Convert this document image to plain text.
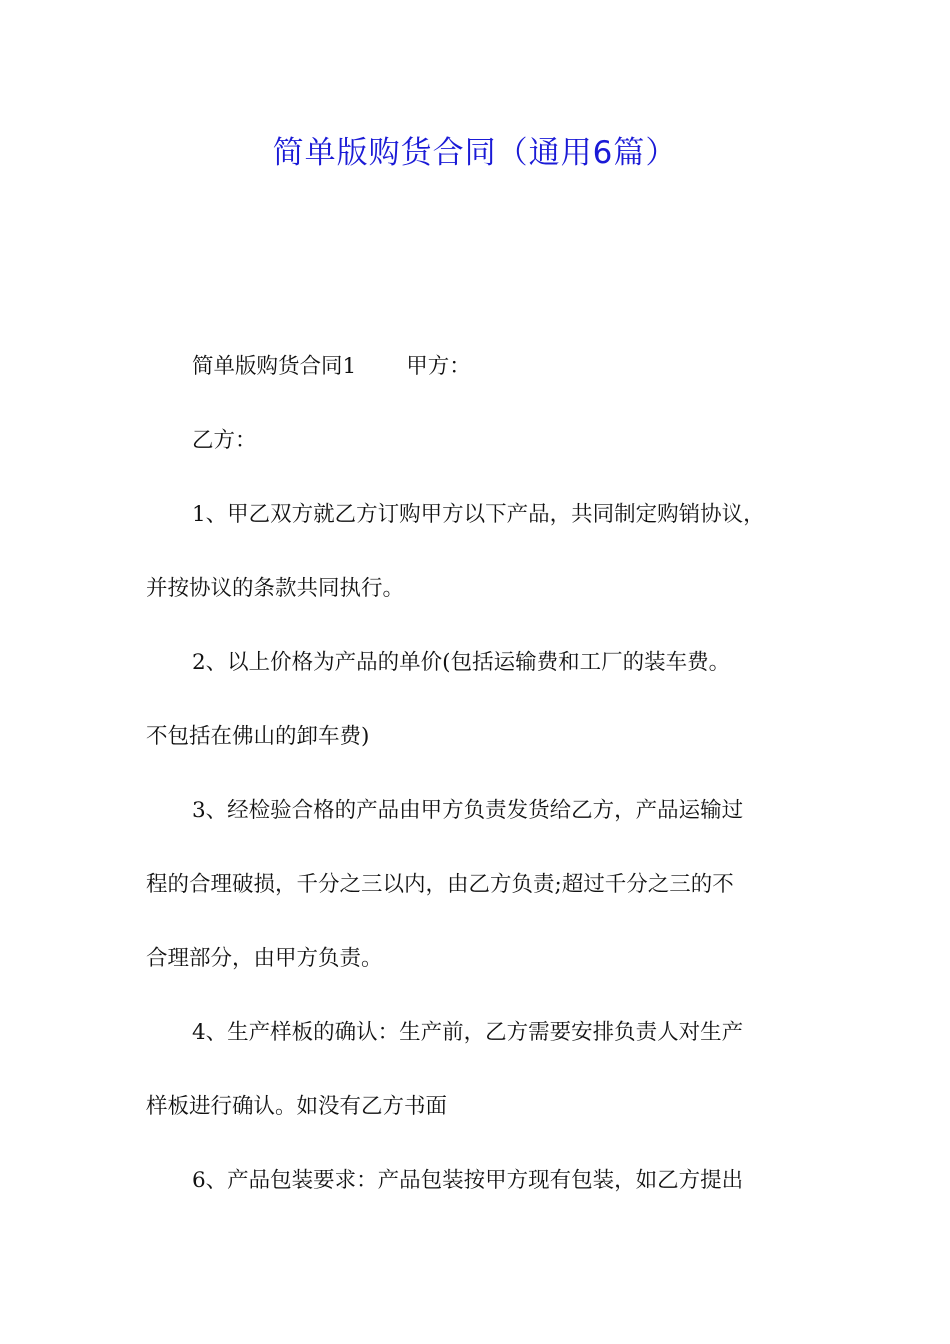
简单版购货合同（通用6篇）
简单版购货合同1 甲方：
乙方：
1、甲乙双方就乙方订购甲方以下产品，共同制定购销协议，
并按协议的条款共同执行。
2、以上价格为产品的单价(包括运输费和工厂的装车费。
不包括在佛山的卸车费)
3、经检验合格的产品由甲方负责发货给乙方，产品运输过
程的合理破损，千分之三以内，由乙方负责;超过千分之三的不
合理部分，由甲方负责。
4、生产样板的确认：生产前，乙方需要安排负责人对生产
样板进行确认。如没有乙方书面
6、产品包装要求：产品包装按甲方现有包装，如乙方提出
